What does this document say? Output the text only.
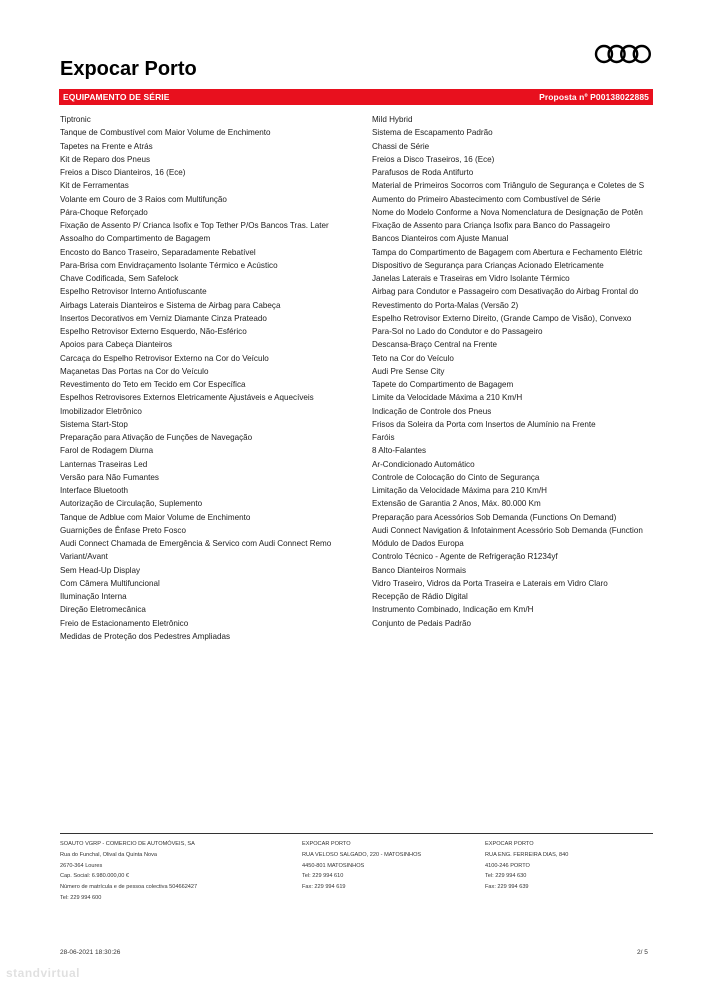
Expocar Porto
EQUIPAMENTO DE SÉRIE	Proposta nº P00138022885
Tiptronic
Tanque de Combustível com Maior Volume de Enchimento
Tapetes na Frente e Atrás
Kit de Reparo dos Pneus
Freios a Disco Dianteiros, 16 (Ece)
Kit de Ferramentas
Volante em Couro de 3 Raios com Multifunção
Pára-Choque Reforçado
Fixação de Assento P/ Crianca Isofix e Top Tether P/Os Bancos Tras. Later
Assoalho do Compartimento de Bagagem
Encosto do Banco Traseiro, Separadamente Rebatível
Para-Brisa com Envidraçamento Isolante Térmico e Acústico
Chave Codificada, Sem Safelock
Espelho Retrovisor Interno Antiofuscante
Airbags Laterais Dianteiros e Sistema de Airbag para Cabeça
Insertos Decorativos em Verniz Diamante Cinza Prateado
Espelho Retrovisor Externo Esquerdo, Não-Esférico
Apoios para Cabeça Dianteiros
Carcaça do Espelho Retrovisor Externo na Cor do Veículo
Maçanetas Das Portas na Cor do Veículo
Revestimento do Teto em Tecido em Cor Específica
Espelhos Retrovisores Externos Eletricamente Ajustáveis e Aquecíveis
Imobilizador Eletrônico
Sistema Start-Stop
Preparação para Ativação de Funções de Navegação
Farol de Rodagem Diurna
Lanternas Traseiras Led
Versão para Não Fumantes
Interface Bluetooth
Autorização de Circulação, Suplemento
Tanque de Adblue com Maior Volume de Enchimento
Guarnições de Ênfase Preto Fosco
Audi Connect Chamada de Emergência & Servico com Audi Connect Remo
Variant/Avant
Sem Head-Up Display
Com Câmera Multifuncional
Iluminação Interna
Direção Eletromecânica
Freio de Estacionamento Eletrônico
Medidas de Proteção dos Pedestres Ampliadas
Mild Hybrid
Sistema de Escapamento Padrão
Chassi de Série
Freios a Disco Traseiros, 16 (Ece)
Parafusos de Roda Antifurto
Material de Primeiros Socorros com Triângulo de Segurança e Coletes de S
Aumento do Primeiro Abastecimento com Combustível de Série
Nome do Modelo Conforme a Nova Nomenclatura de Designação de Potên
Fixação de Assento para Criança Isofix para Banco do Passageiro
Bancos Dianteiros com Ajuste Manual
Tampa do Compartimento de Bagagem com Abertura e Fechamento Elétric
Dispositivo de Segurança para Crianças Acionado Eletricamente
Janelas Laterais e Traseiras em Vidro Isolante Térmico
Airbag para Condutor e Passageiro com Desativação do Airbag Frontal do
Revestimento do Porta-Malas (Versão 2)
Espelho Retrovisor Externo Direito, (Grande Campo de Visão), Convexo
Para-Sol no Lado do Condutor e do Passageiro
Descansa-Braço Central na Frente
Teto na Cor do Veículo
Audi Pre Sense City
Tapete do Compartimento de Bagagem
Limite da Velocidade Máxima a 210 Km/H
Indicação de Controle dos Pneus
Frisos da Soleira da Porta com Insertos de Alumínio na Frente
Faróis
8 Alto-Falantes
Ar-Condicionado Automático
Controle de Colocação do Cinto de Segurança
Limitação da Velocidade Máxima para 210 Km/H
Extensão de Garantia 2 Anos, Máx. 80.000 Km
Preparação para Acessórios Sob Demanda (Functions On Demand)
Audi Connect Navigation & Infotainment Acessório Sob Demanda (Function
Módulo de Dados Europa
Controlo Técnico - Agente de Refrigeração R1234yf
Banco Dianteiros Normais
Vidro Traseiro, Vidros da Porta Traseira e Laterais em Vidro Claro
Recepção de Rádio Digital
Instrumento Combinado, Indicação em Km/H
Conjunto de Pedais Padrão
SOAUTO VGRP - COMERCIO DE AUTOMÓVEIS, SA
Rua do Funchal, Olival da Quinta Nova
2670-364 Loures
Cap. Social: 6.980.000,00 €
Número de matrícula e de pessoa colectiva 504662427
Tel: 229 994 600
EXPOCAR PORTO
RUA VELOSO SALGADO, 220 - MATOSINHOS
4450-801 MATOSINHOS
Tel: 229 994 610
Fax: 229 994 619
EXPOCAR PORTO
RUA ENG. FERREIRA DIAS, 840
4100-246 PORTO
Tel: 229 994 630
Fax: 229 994 639
28-06-2021 18:30:26	2/ 5
standvirtual
